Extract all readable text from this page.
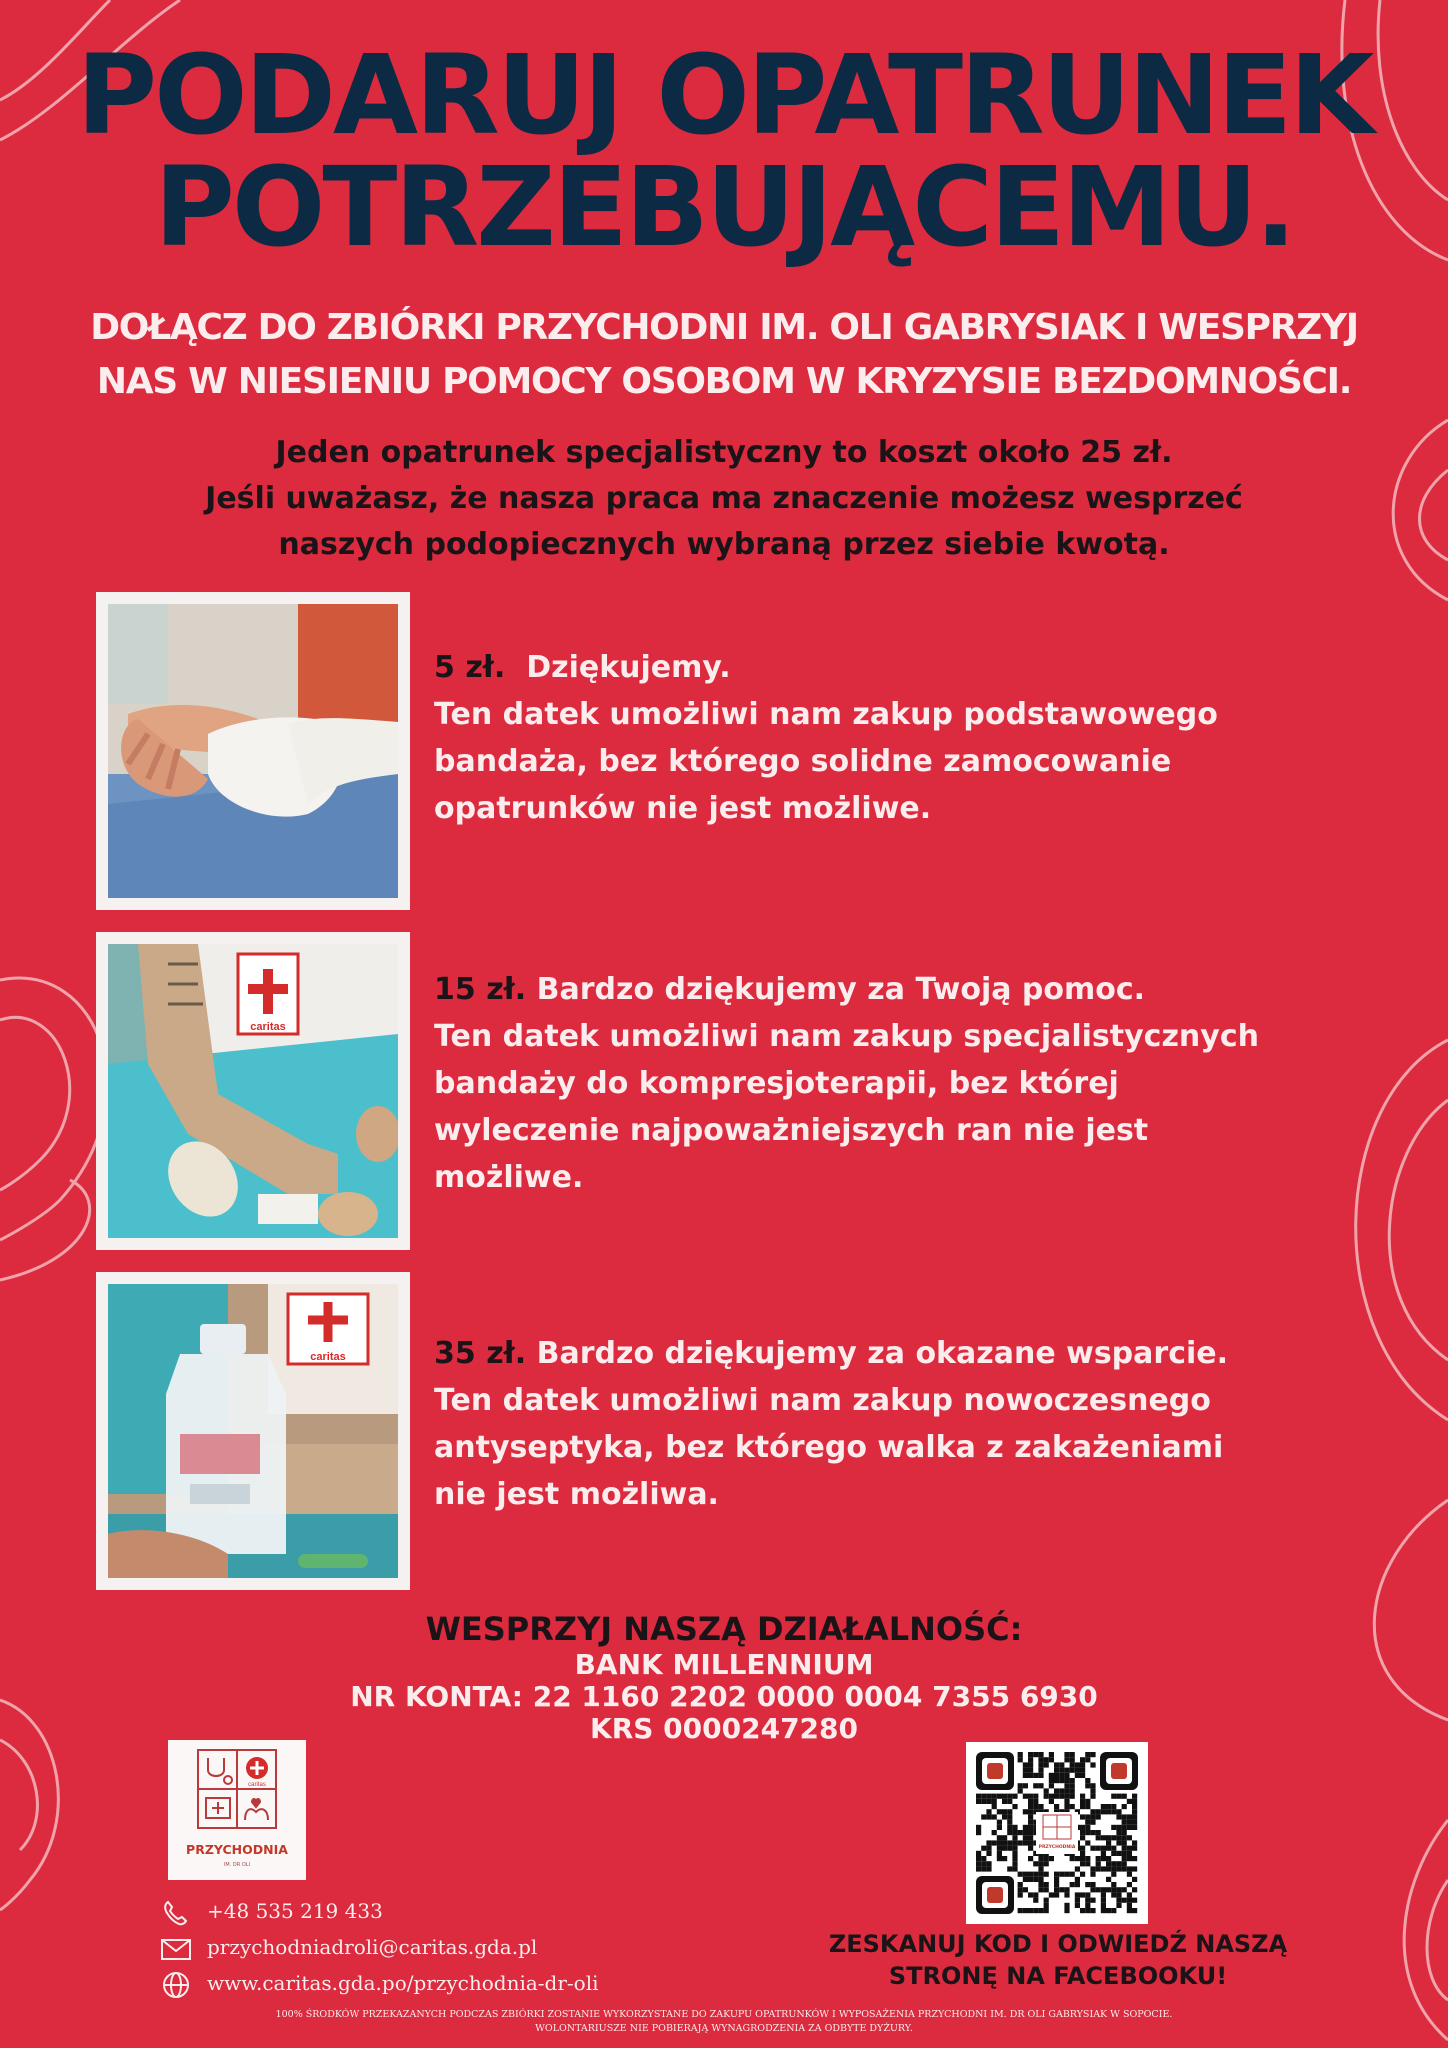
PODARUJ OPATRUNEK
POTRZEBUJĄCEMU.
DOŁĄCZ DO ZBIÓRKI PRZYCHODNI IM. OLI GABRYSIAK I WESPRZYJ
NAS W NIESIENIU POMOCY OSOBOM W KRYZYSIE BEZDOMNOŚCI.
Jeden opatrunek specjalistyczny to koszt około 25 zł.
Jeśli uważasz, że nasza praca ma znaczenie możesz wesprzeć
naszych podopiecznych wybraną przez siebie kwotą.
5 zł. Dziękujemy.
Ten datek umożliwi nam zakup podstawowego
bandaża, bez którego solidne zamocowanie
opatrunków nie jest możliwe.
caritas
15 zł. Bardzo dziękujemy za Twoją pomoc.
Ten datek umożliwi nam zakup specjalistycznych
bandaży do kompresjoterapii, bez której
wyleczenie najpoważniejszych ran nie jest
możliwe.
caritas	35 zł. Bardzo dziękujemy za okazane wsparcie.
Ten datek umożliwi nam zakup nowoczesnego
antyseptyka, bez którego walka z zakażeniami
nie jest możliwa.
WESPRZYJ NASZĄ DZIAŁALNOŚĆ:
BANK MILLENNIUM
NR KONTA: 22 1160 2202 0000 0004 7355 6930
KRS 0000247280
caritas
PRZYCHODNIA
IM. DR OLI
PRZYCHODNIA
+48 535 219 433
przychodniadroli@caritas.gda.pl
www.caritas.gda.po/przychodnia-dr-oli
ZESKANUJ KOD I ODWIEDŹ NASZĄ
STRONĘ NA FACEBOOKU!
100% ŚRODKÓW PRZEKAZANYCH PODCZAS ZBIÓRKI ZOSTANIE WYKORZYSTANE DO ZAKUPU OPATRUNKÓW I WYPOSAŻENIA PRZYCHODNI IM. DR OLI GABRYSIAK W SOPOCIE.
WOLONTARIUSZE NIE POBIERAJĄ WYNAGRODZENIA ZA ODBYTE DYŻURY.
